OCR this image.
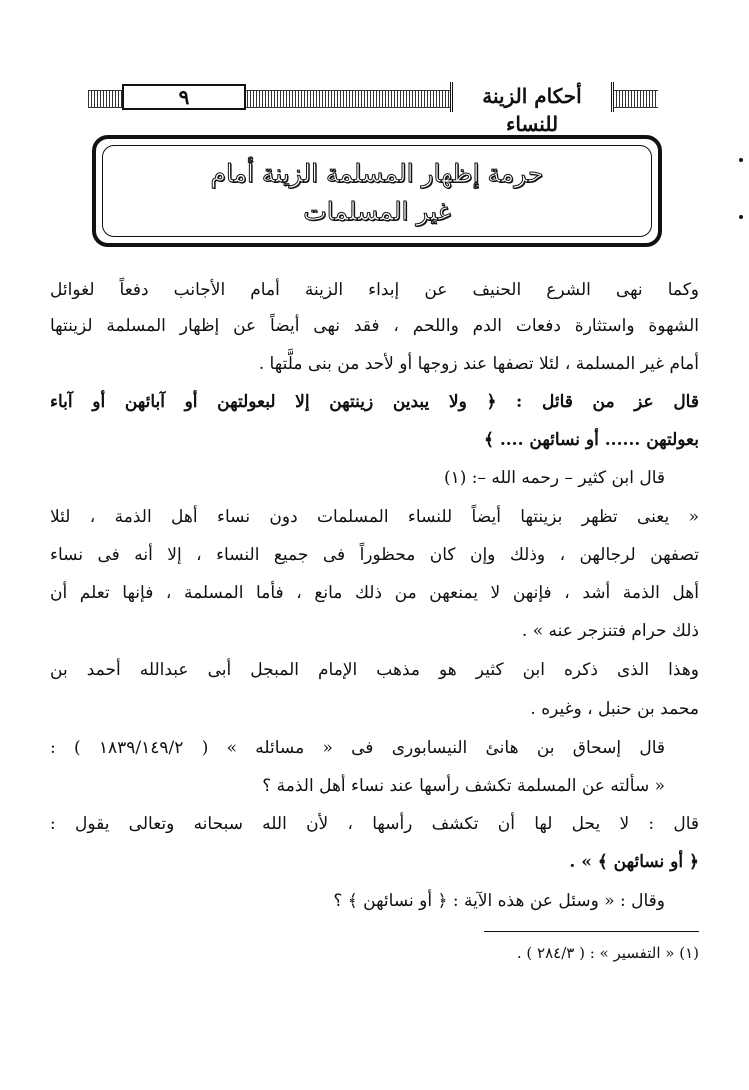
٩	أحكام الزينة للنساء
حرمة إظهار المسلمة الزينة أمام
غير المسلمات
وكما نهى الشرع الحنيف عن إبداء الزينة أمام الأجانب دفعاً لغوائل
الشهوة واستثارة دفعات الدم واللحم ، فقد نهى أيضاً عن إظهار المسلمة لزينتها
أمام غير المسلمة ، لئلا تصفها عند زوجها أو لأحد من بنى ملَّتها .
قال عز من قائل : ﴿ ولا يبدين زينتهن إلا لبعولتهن أو آبائهن أو آباء
بعولتهن ...... أو نسائهن .... ﴾
قال ابن كثير – رحمه الله –: (١)
« يعنى تظهر بزينتها أيضاً للنساء المسلمات دون نساء أهل الذمة ، لئلا
تصفهن لرجالهن ، وذلك وإن كان محظوراً فى جميع النساء ، إلا أنه فى نساء
أهل الذمة أشد ، فإنهن لا يمنعهن من ذلك مانع ، فأما المسلمة ، فإنها تعلم أن
ذلك حرام فتنزجر عنه » .
وهذا الذى ذكره ابن كثير هو مذهب الإمام المبجل أبى عبدالله أحمد بن
محمد بن حنبل ، وغيره .
قال إسحاق بن هانئ النيسابورى فى « مسائله » ( ١٨٣٩/١٤٩/٢ ) :
« سألته عن المسلمة تكشف رأسها عند نساء أهل الذمة ؟
قال : لا يحل لها أن تكشف رأسها ، لأن الله سبحانه وتعالى يقول :
﴿ أو نسائهن ﴾ » .
وقال : « وسئل عن هذه الآية : ﴿ أو نسائهن ﴾ ؟
(١) « التفسير » : ( ٢٨٤/٣ ) .
